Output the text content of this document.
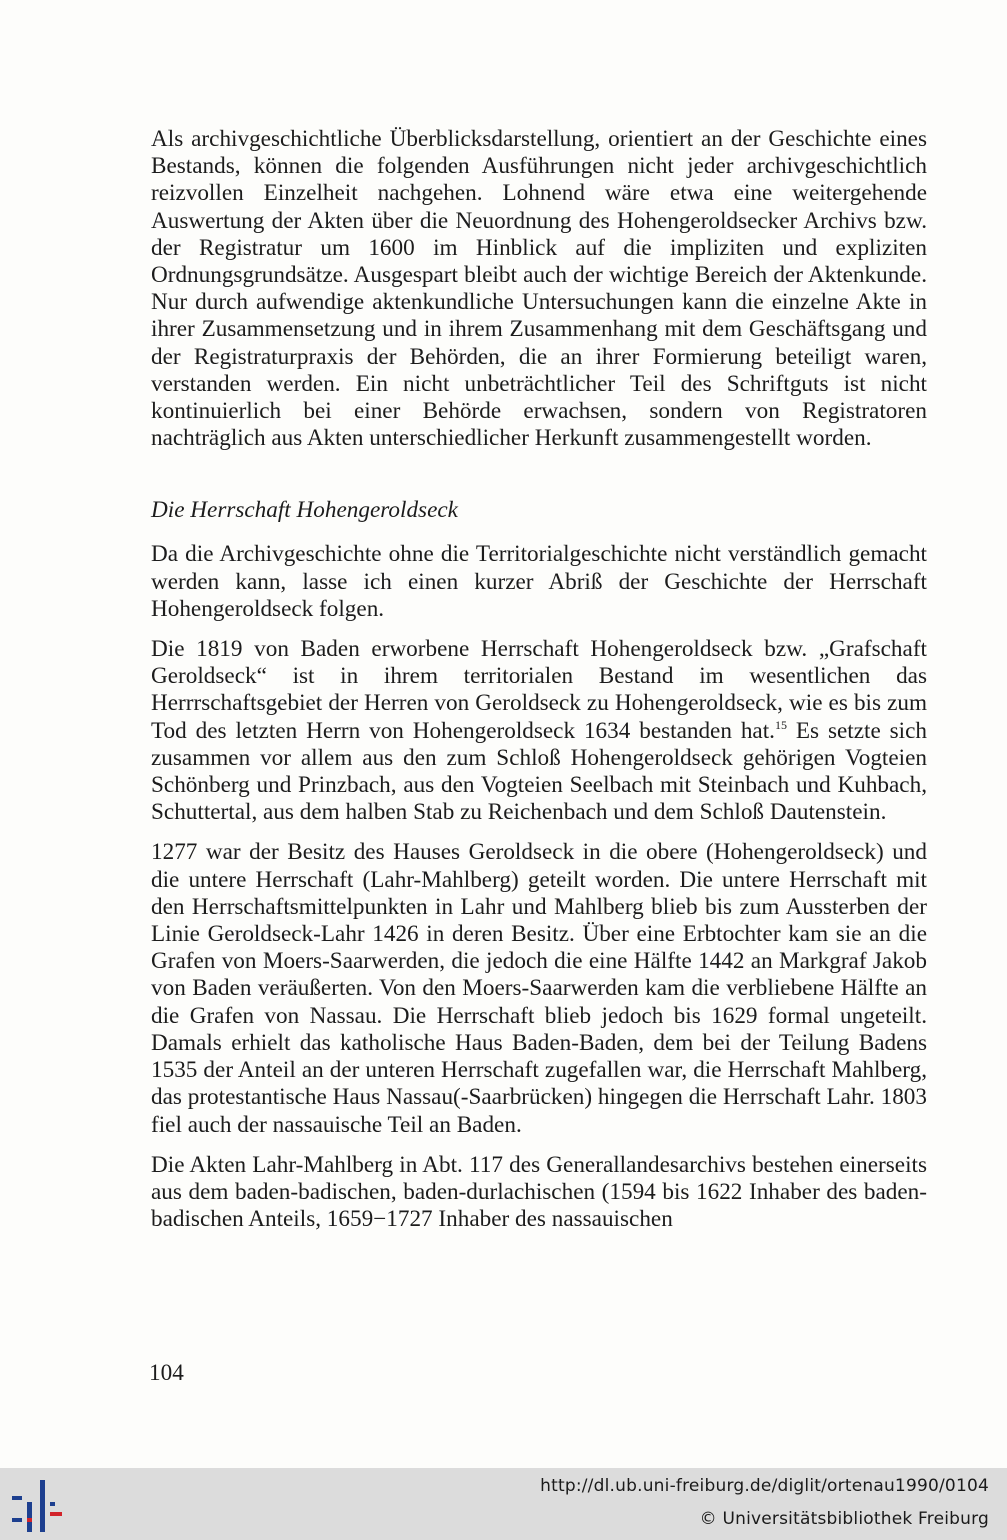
Als archivgeschichtliche Überblicksdarstellung, orientiert an der Geschichte eines Bestands, können die folgenden Ausführungen nicht jeder archivgeschichtlich reizvollen Einzelheit nachgehen. Lohnend wäre etwa eine weitergehende Auswertung der Akten über die Neuordnung des Hohengeroldsecker Archivs bzw. der Registratur um 1600 im Hinblick auf die impliziten und expliziten Ordnungsgrundsätze. Ausgespart bleibt auch der wichtige Bereich der Aktenkunde. Nur durch aufwendige aktenkundliche Untersuchungen kann die einzelne Akte in ihrer Zusammensetzung und in ihrem Zusammenhang mit dem Geschäftsgang und der Registraturpraxis der Behörden, die an ihrer Formierung beteiligt waren, verstanden werden. Ein nicht unbeträchtlicher Teil des Schriftguts ist nicht kontinuierlich bei einer Behörde erwachsen, sondern von Registratoren nachträglich aus Akten unterschiedlicher Herkunft zusammengestellt worden.

Die Herrschaft Hohengeroldseck

Da die Archivgeschichte ohne die Territorialgeschichte nicht verständlich gemacht werden kann, lasse ich einen kurzer Abriß der Geschichte der Herrschaft Hohengeroldseck folgen.

Die 1819 von Baden erworbene Herrschaft Hohengeroldseck bzw. „Grafschaft Geroldseck“ ist in ihrem territorialen Bestand im wesentlichen das Herrrschaftsgebiet der Herren von Geroldseck zu Hohengeroldseck, wie es bis zum Tod des letzten Herrn von Hohengeroldseck 1634 bestanden hat.$^{15}$ Es setzte sich zusammen vor allem aus den zum Schloß Hohengeroldseck gehörigen Vogteien Schönberg und Prinzbach, aus den Vogteien Seelbach mit Steinbach und Kuhbach, Schuttertal, aus dem halben Stab zu Reichenbach und dem Schloß Dautenstein.

1277 war der Besitz des Hauses Geroldseck in die obere (Hohengeroldseck) und die untere Herrschaft (Lahr-Mahlberg) geteilt worden. Die untere Herrschaft mit den Herrschaftsmittelpunkten in Lahr und Mahlberg blieb bis zum Aussterben der Linie Geroldseck-Lahr 1426 in deren Besitz. Über eine Erbtochter kam sie an die Grafen von Moers-Saarwerden, die jedoch die eine Hälfte 1442 an Markgraf Jakob von Baden veräußerten. Von den Moers-Saarwerden kam die verbliebene Hälfte an die Grafen von Nassau. Die Herrschaft blieb jedoch bis 1629 formal ungeteilt. Damals erhielt das katholische Haus Baden-Baden, dem bei der Teilung Badens 1535 der Anteil an der unteren Herrschaft zugefallen war, die Herrschaft Mahlberg, das protestantische Haus Nassau(-Saarbrücken) hingegen die Herrschaft Lahr. 1803 fiel auch der nassauische Teil an Baden.

Die Akten Lahr-Mahlberg in Abt. 117 des Generallandesarchivs bestehen einerseits aus dem baden-badischen, baden-durlachischen (1594 bis 1622 Inhaber des baden-badischen Anteils, 1659−1727 Inhaber des nassauischen

104
http://dl.ub.uni-freiburg.de/diglit/ortenau1990/0104
© Universitätsbibliothek Freiburg
